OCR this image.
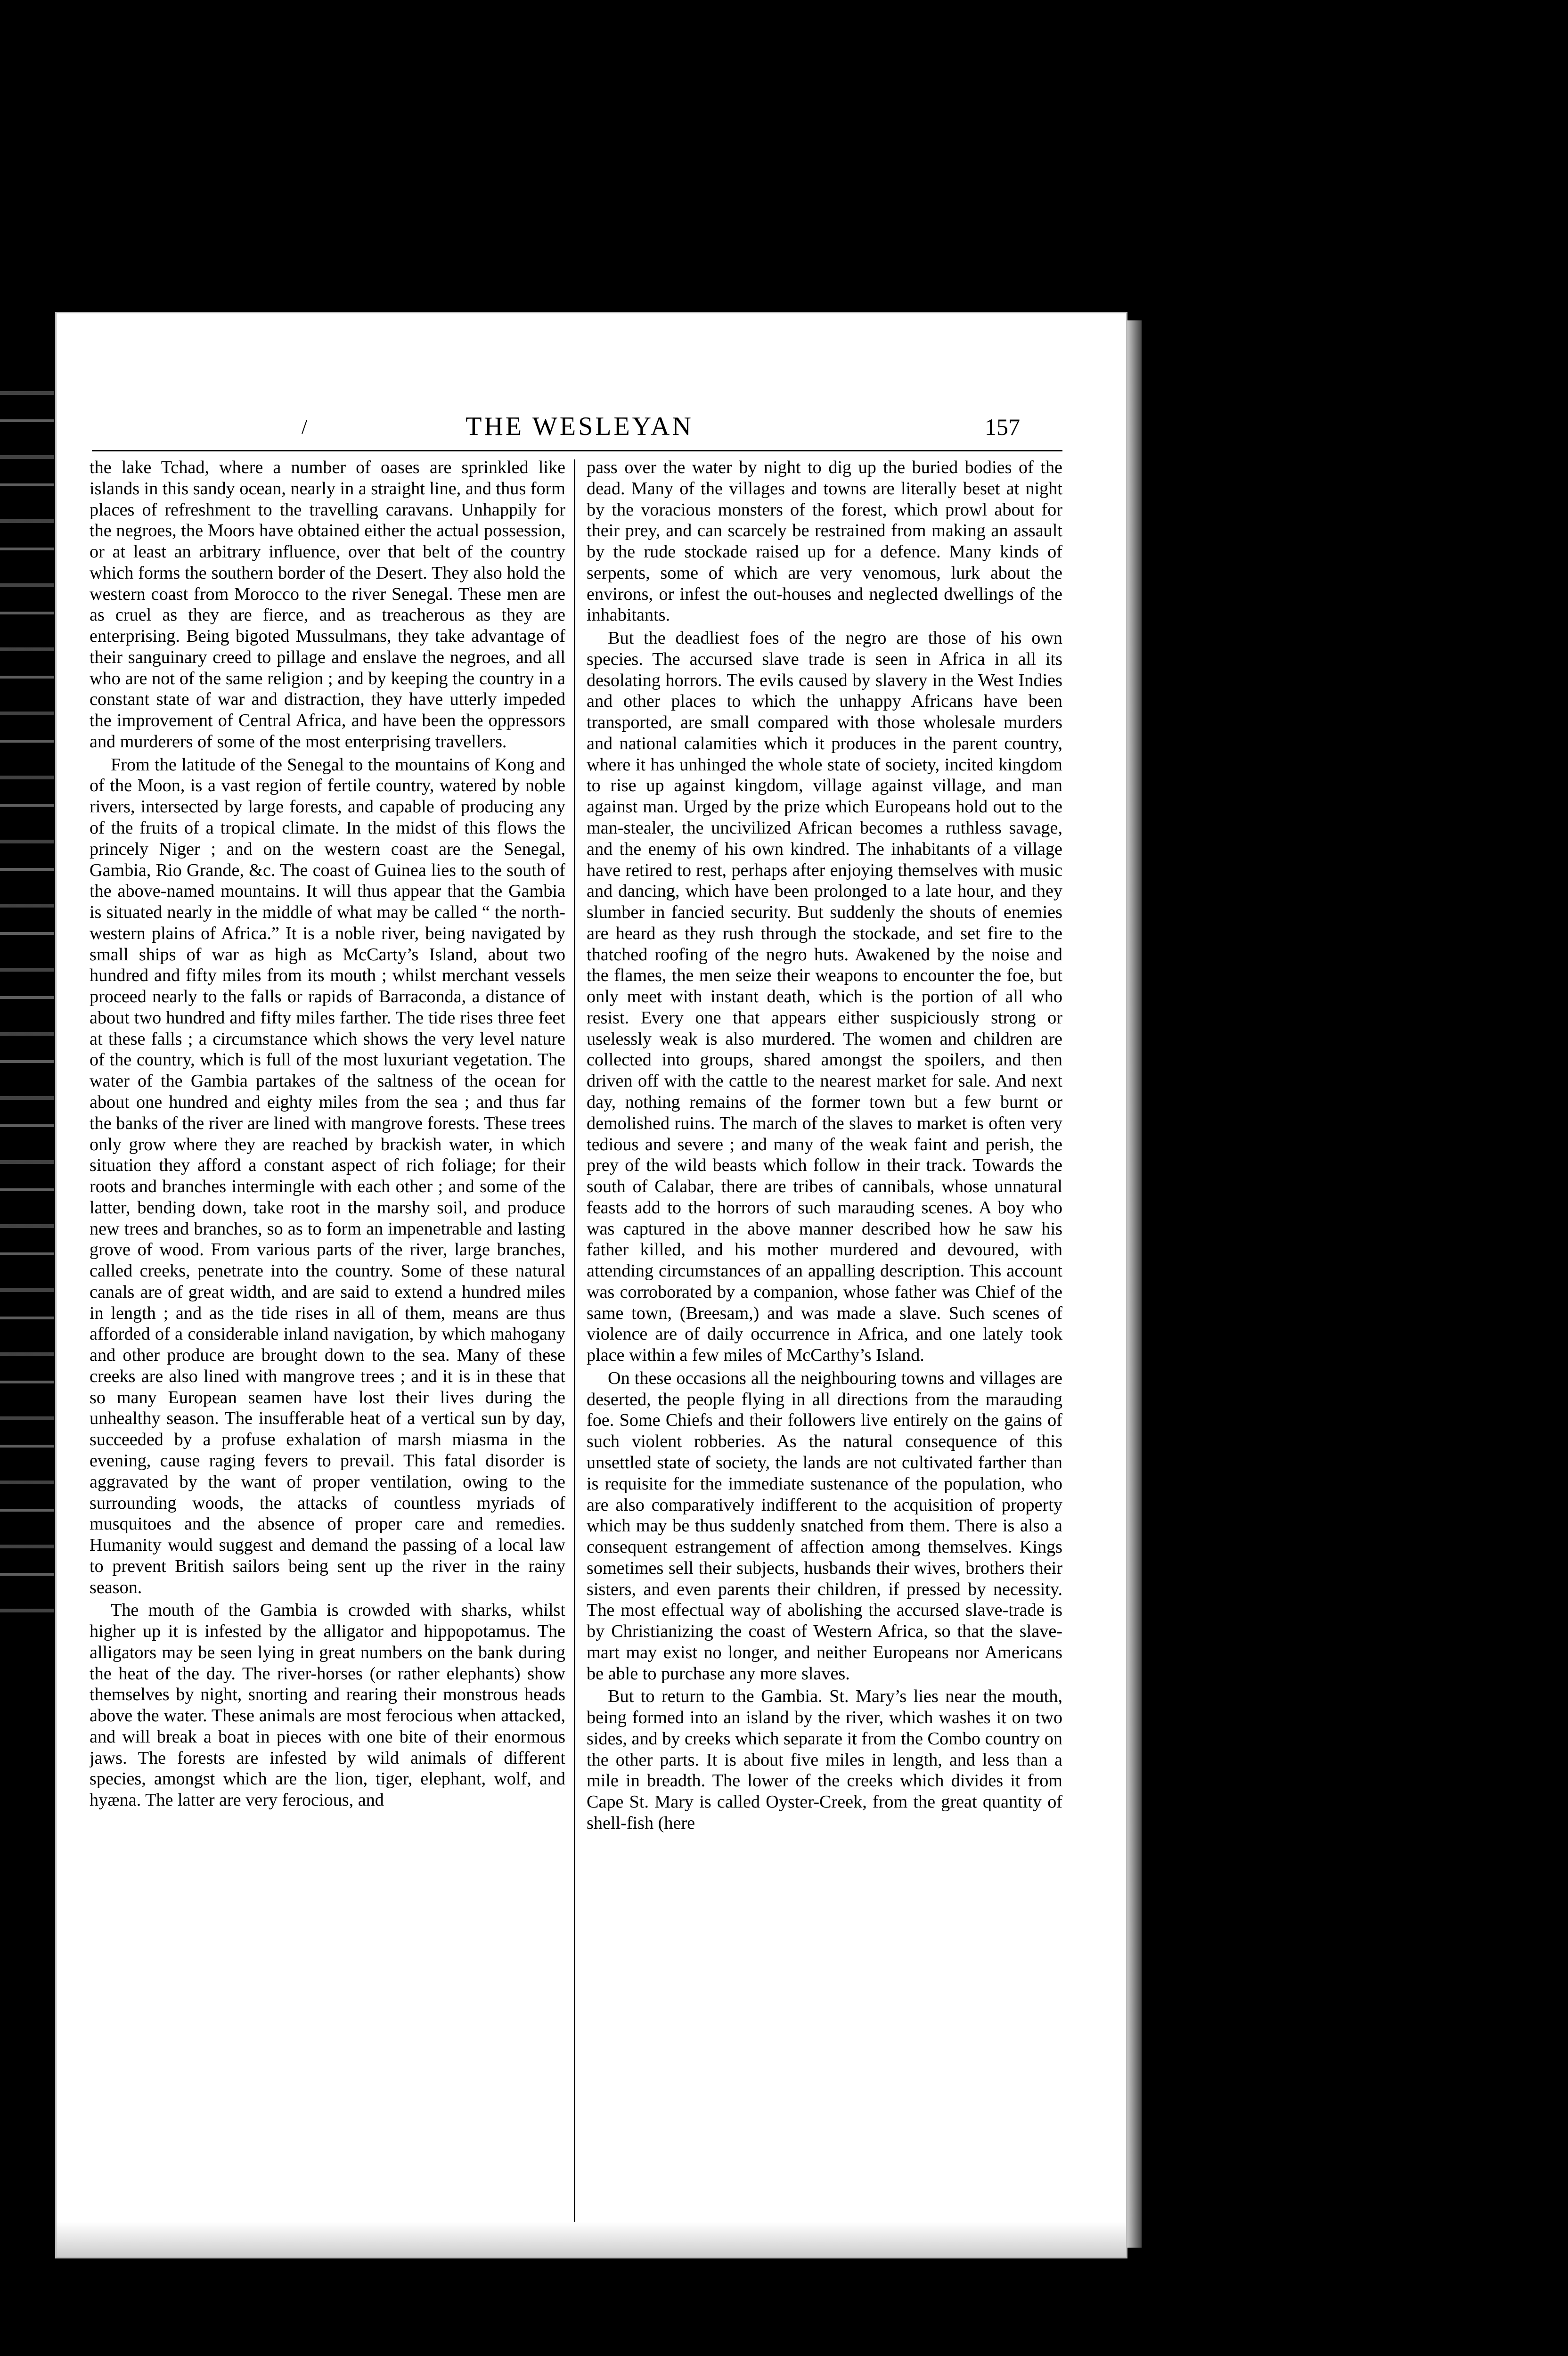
/	THE WESLEYAN	157

the lake Tchad, where a number of oases are sprinkled like islands in this sandy ocean, nearly in a straight line, and thus form places of refreshment to the travelling caravans. Unhappily for the negroes, the Moors have obtained either the actual possession, or at least an arbitrary influence, over that belt of the country which forms the southern border of the Desert. They also hold the western coast from Morocco to the river Senegal. These men are as cruel as they are fierce, and as treacherous as they are enterprising. Being bigoted Mussulmans, they take advantage of their sanguinary creed to pillage and enslave the negroes, and all who are not of the same religion ; and by keeping the country in a constant state of war and distraction, they have utterly impeded the improvement of Central Africa, and have been the oppressors and murderers of some of the most enterprising travellers.

From the latitude of the Senegal to the mountains of Kong and of the Moon, is a vast region of fertile country, watered by noble rivers, intersected by large forests, and capable of producing any of the fruits of a tropical climate. In the midst of this flows the princely Niger ; and on the western coast are the Senegal, Gambia, Rio Grande, &c. The coast of Guinea lies to the south of the above-named mountains. It will thus appear that the Gambia is situated nearly in the middle of what may be called “ the north-western plains of Africa.” It is a noble river, being navigated by small ships of war as high as McCarty’s Island, about two hundred and fifty miles from its mouth ; whilst merchant vessels proceed nearly to the falls or rapids of Barraconda, a distance of about two hundred and fifty miles farther. The tide rises three feet at these falls ; a circumstance which shows the very level nature of the country, which is full of the most luxuriant vegetation. The water of the Gambia partakes of the saltness of the ocean for about one hundred and eighty miles from the sea ; and thus far the banks of the river are lined with mangrove forests. These trees only grow where they are reached by brackish water, in which situation they afford a constant aspect of rich foliage; for their roots and branches intermingle with each other ; and some of the latter, bending down, take root in the marshy soil, and produce new trees and branches, so as to form an impenetrable and lasting grove of wood. From various parts of the river, large branches, called creeks, penetrate into the country. Some of these natural canals are of great width, and are said to extend a hundred miles in length ; and as the tide rises in all of them, means are thus afforded of a considerable inland navigation, by which mahogany and other produce are brought down to the sea. Many of these creeks are also lined with mangrove trees ; and it is in these that so many European seamen have lost their lives during the unhealthy season. The insufferable heat of a vertical sun by day, succeeded by a profuse exhalation of marsh miasma in the evening, cause raging fevers to prevail. This fatal disorder is aggravated by the want of proper ventilation, owing to the surrounding woods, the attacks of countless myriads of musquitoes and the absence of proper care and remedies. Humanity would suggest and demand the passing of a local law to prevent British sailors being sent up the river in the rainy season.

The mouth of the Gambia is crowded with sharks, whilst higher up it is infested by the alligator and hippopotamus. The alligators may be seen lying in great numbers on the bank during the heat of the day. The river-horses (or rather elephants) show themselves by night, snorting and rearing their monstrous heads above the water. These animals are most ferocious when attacked, and will break a boat in pieces with one bite of their enormous jaws. The forests are infested by wild animals of different species, amongst which are the lion, tiger, elephant, wolf, and hyæna. The latter are very ferocious, and

pass over the water by night to dig up the buried bodies of the dead. Many of the villages and towns are literally beset at night by the voracious monsters of the forest, which prowl about for their prey, and can scarcely be restrained from making an assault by the rude stockade raised up for a defence. Many kinds of serpents, some of which are very venomous, lurk about the environs, or infest the out-houses and neglected dwellings of the inhabitants.

But the deadliest foes of the negro are those of his own species. The accursed slave trade is seen in Africa in all its desolating horrors. The evils caused by slavery in the West Indies and other places to which the unhappy Africans have been transported, are small compared with those wholesale murders and national calamities which it produces in the parent country, where it has unhinged the whole state of society, incited kingdom to rise up against kingdom, village against village, and man against man. Urged by the prize which Europeans hold out to the man-stealer, the uncivilized African becomes a ruthless savage, and the enemy of his own kindred. The inhabitants of a village have retired to rest, perhaps after enjoying themselves with music and dancing, which have been prolonged to a late hour, and they slumber in fancied security. But suddenly the shouts of enemies are heard as they rush through the stockade, and set fire to the thatched roofing of the negro huts. Awakened by the noise and the flames, the men seize their weapons to encounter the foe, but only meet with instant death, which is the portion of all who resist. Every one that appears either suspiciously strong or uselessly weak is also murdered. The women and children are collected into groups, shared amongst the spoilers, and then driven off with the cattle to the nearest market for sale. And next day, nothing remains of the former town but a few burnt or demolished ruins. The march of the slaves to market is often very tedious and severe ; and many of the weak faint and perish, the prey of the wild beasts which follow in their track. Towards the south of Calabar, there are tribes of cannibals, whose unnatural feasts add to the horrors of such marauding scenes. A boy who was captured in the above manner described how he saw his father killed, and his mother murdered and devoured, with attending circumstances of an appalling description. This account was corroborated by a companion, whose father was Chief of the same town, (Breesam,) and was made a slave. Such scenes of violence are of daily occurrence in Africa, and one lately took place within a few miles of McCarthy’s Island.

On these occasions all the neighbouring towns and villages are deserted, the people flying in all directions from the marauding foe. Some Chiefs and their followers live entirely on the gains of such violent robberies. As the natural consequence of this unsettled state of society, the lands are not cultivated farther than is requisite for the immediate sustenance of the population, who are also comparatively indifferent to the acquisition of property which may be thus suddenly snatched from them. There is also a consequent estrangement of affection among themselves. Kings sometimes sell their subjects, husbands their wives, brothers their sisters, and even parents their children, if pressed by necessity. The most effectual way of abolishing the accursed slave-trade is by Christianizing the coast of Western Africa, so that the slave-mart may exist no longer, and neither Europeans nor Americans be able to purchase any more slaves.

But to return to the Gambia. St. Mary’s lies near the mouth, being formed into an island by the river, which washes it on two sides, and by creeks which separate it from the Combo country on the other parts. It is about five miles in length, and less than a mile in breadth. The lower of the creeks which divides it from Cape St. Mary is called Oyster-Creek, from the great quantity of shell-fish (here
